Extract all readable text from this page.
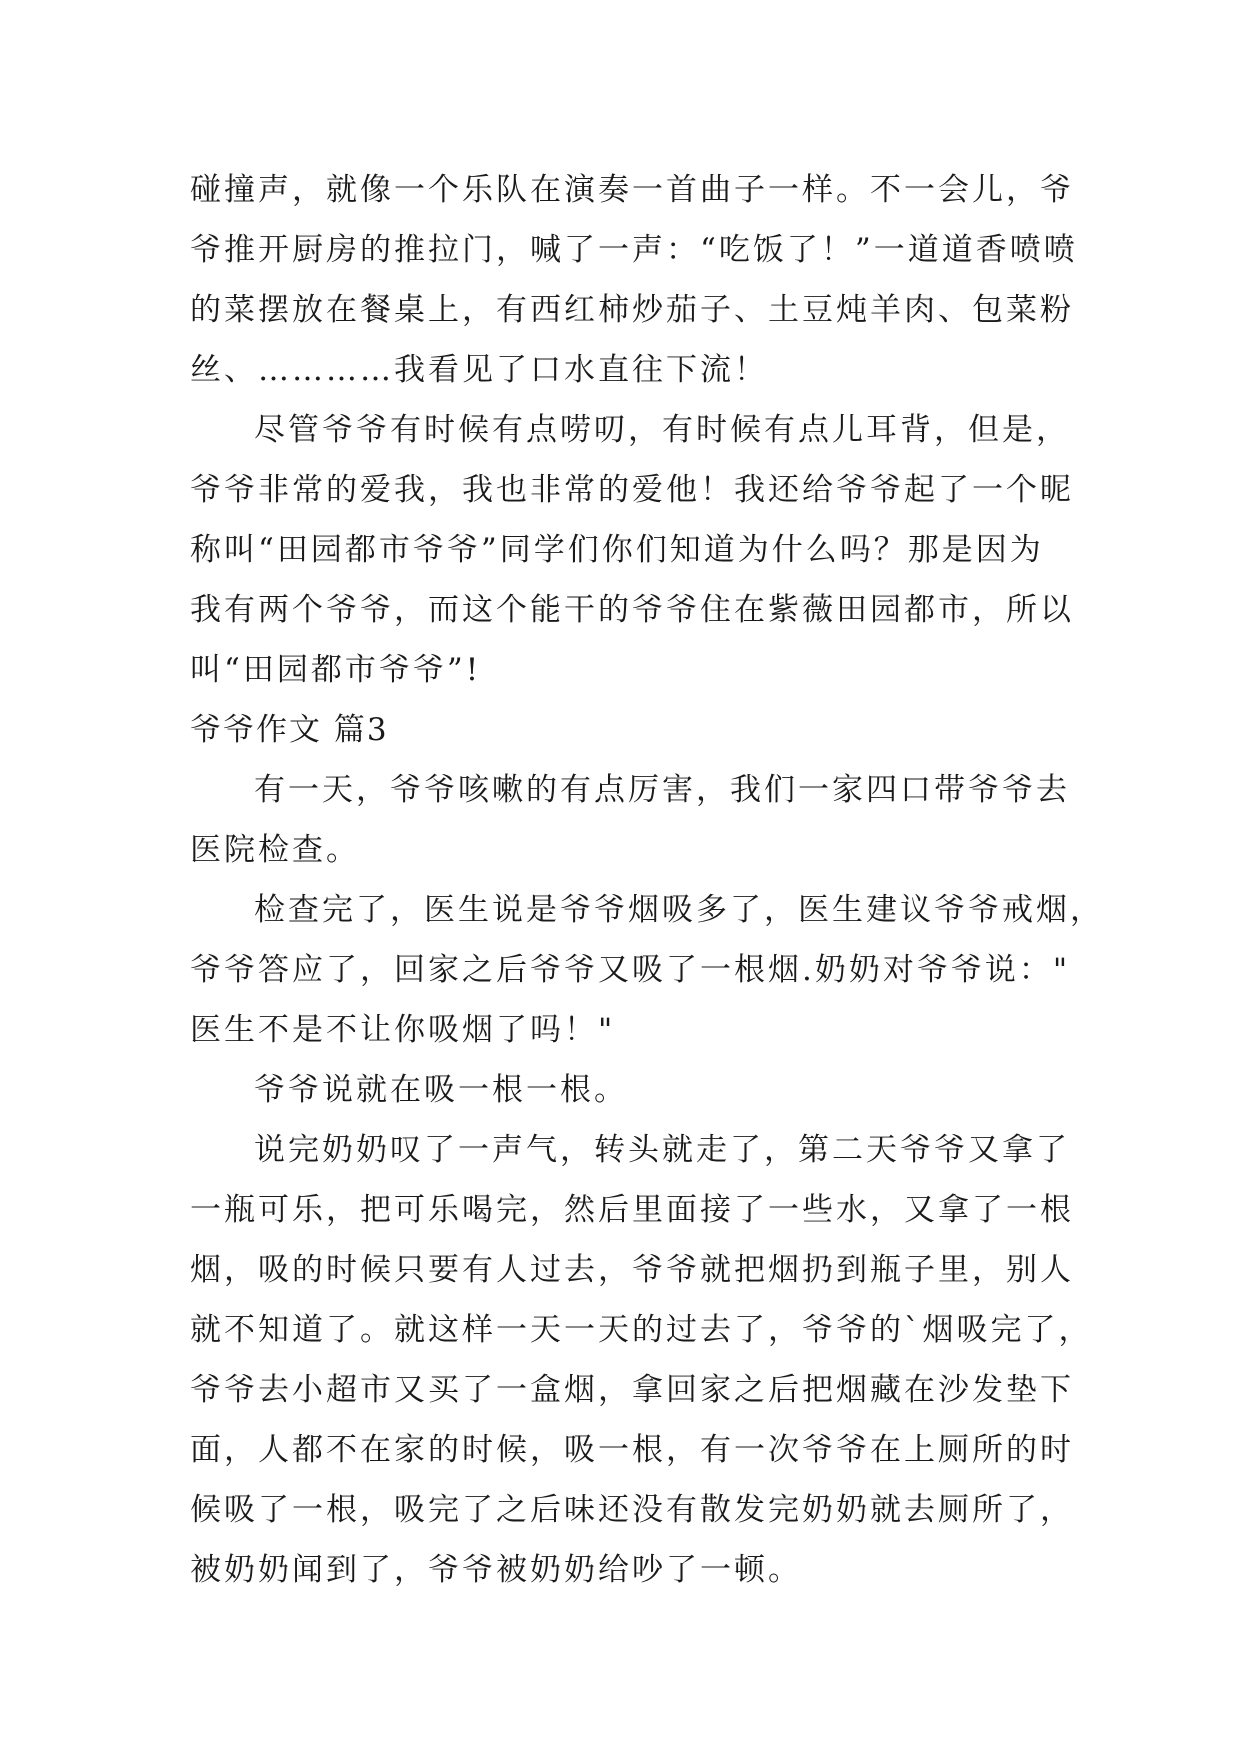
碰撞声，就像一个乐队在演奏一首曲子一样。不一会儿，爷
爷推开厨房的推拉门，喊了一声：“吃饭了！”一道道香喷喷
的菜摆放在餐桌上，有西红柿炒茄子、土豆炖羊肉、包菜粉
丝、…………我看见了口水直往下流！
尽管爷爷有时候有点唠叨，有时候有点儿耳背，但是，
爷爷非常的爱我，我也非常的爱他！我还给爷爷起了一个昵
称叫“田园都市爷爷”同学们你们知道为什么吗？那是因为
我有两个爷爷，而这个能干的爷爷住在紫薇田园都市，所以
叫“田园都市爷爷”!
爷爷作文 篇3
有一天，爷爷咳嗽的有点厉害，我们一家四口带爷爷去
医院检查。
检查完了，医生说是爷爷烟吸多了，医生建议爷爷戒烟，
爷爷答应了，回家之后爷爷又吸了一根烟.奶奶对爷爷说："
医生不是不让你吸烟了吗！"
爷爷说就在吸一根一根。
说完奶奶叹了一声气，转头就走了，第二天爷爷又拿了
一瓶可乐，把可乐喝完，然后里面接了一些水，又拿了一根
烟，吸的时候只要有人过去，爷爷就把烟扔到瓶子里，别人
就不知道了。就这样一天一天的过去了，爷爷的`烟吸完了，
爷爷去小超市又买了一盒烟，拿回家之后把烟藏在沙发垫下
面，人都不在家的时候，吸一根，有一次爷爷在上厕所的时
候吸了一根，吸完了之后味还没有散发完奶奶就去厕所了，
被奶奶闻到了，爷爷被奶奶给吵了一顿。
